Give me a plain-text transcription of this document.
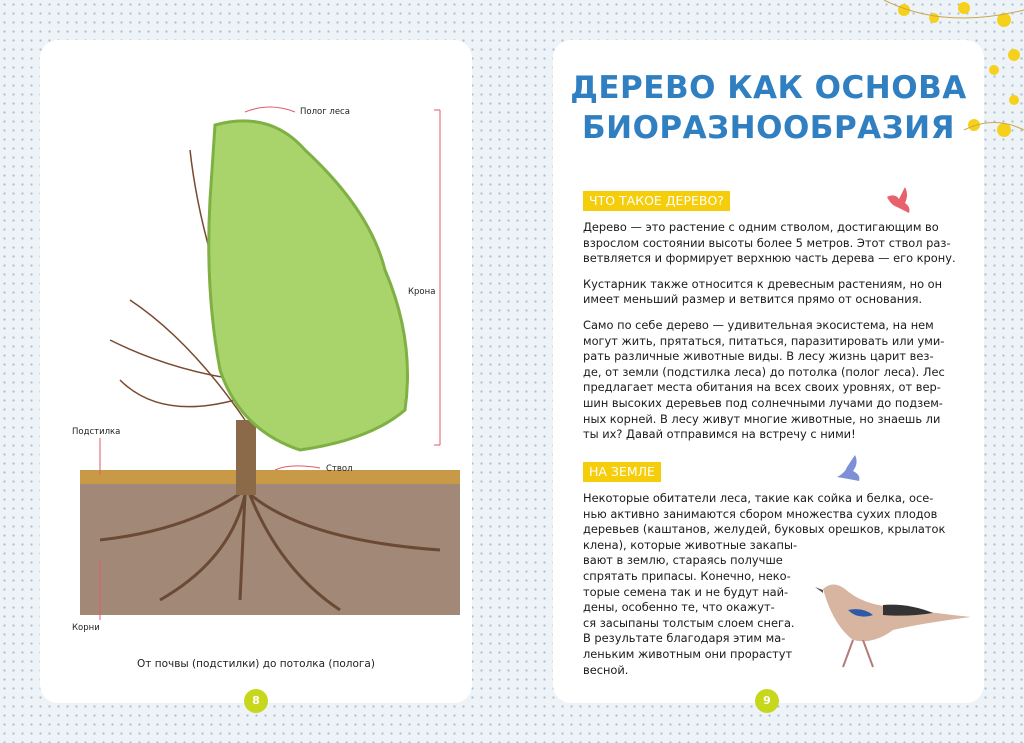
Полог леса
Крона
Подстилка
Ствол
Корни
От почвы (подстилки) до потолка (полога)
8
ДЕРЕВО КАК ОСНОВА
БИОРАЗНООБРАЗИЯ
ЧТО ТАКОЕ ДЕРЕВО?

Дерево — это растение с одним стволом, достигающим во
взрослом состоянии высоты более 5 метров. Этот ствол раз-
ветвляется и формирует верхнюю часть дерева — его крону.

Кустарник также относится к древесным растениям, но он
имеет меньший размер и ветвится прямо от основания.

Само по себе дерево — удивительная экосистема, на нем
могут жить, прятаться, питаться, паразитировать или уми-
рать различные животные виды. В лесу жизнь царит вез-
де, от земли (подстилка леса) до потолка (полог леса). Лес
предлагает места обитания на всех своих уровнях, от вер-
шин высоких деревьев под солнечными лучами до подзем-
ных корней. В лесу живут многие животные, но знаешь ли
ты их? Давай отправимся на встречу с ними!

НА ЗЕМЛЕ
Некоторые обитатели леса, такие как сойка и белка, осе-
нью активно занимаются сбором множества сухих плодов
деревьев (каштанов, желудей, буковых орешков, крылаток
клена), которые животные закапы-
вают в землю, стараясь получше
спрятать припасы. Конечно, неко-
торые семена так и не будут най-
дены, особенно те, что окажут-
ся засыпаны толстым слоем снега.
В результате благодаря этим ма-
леньким животным они прорастут
весной.
9
